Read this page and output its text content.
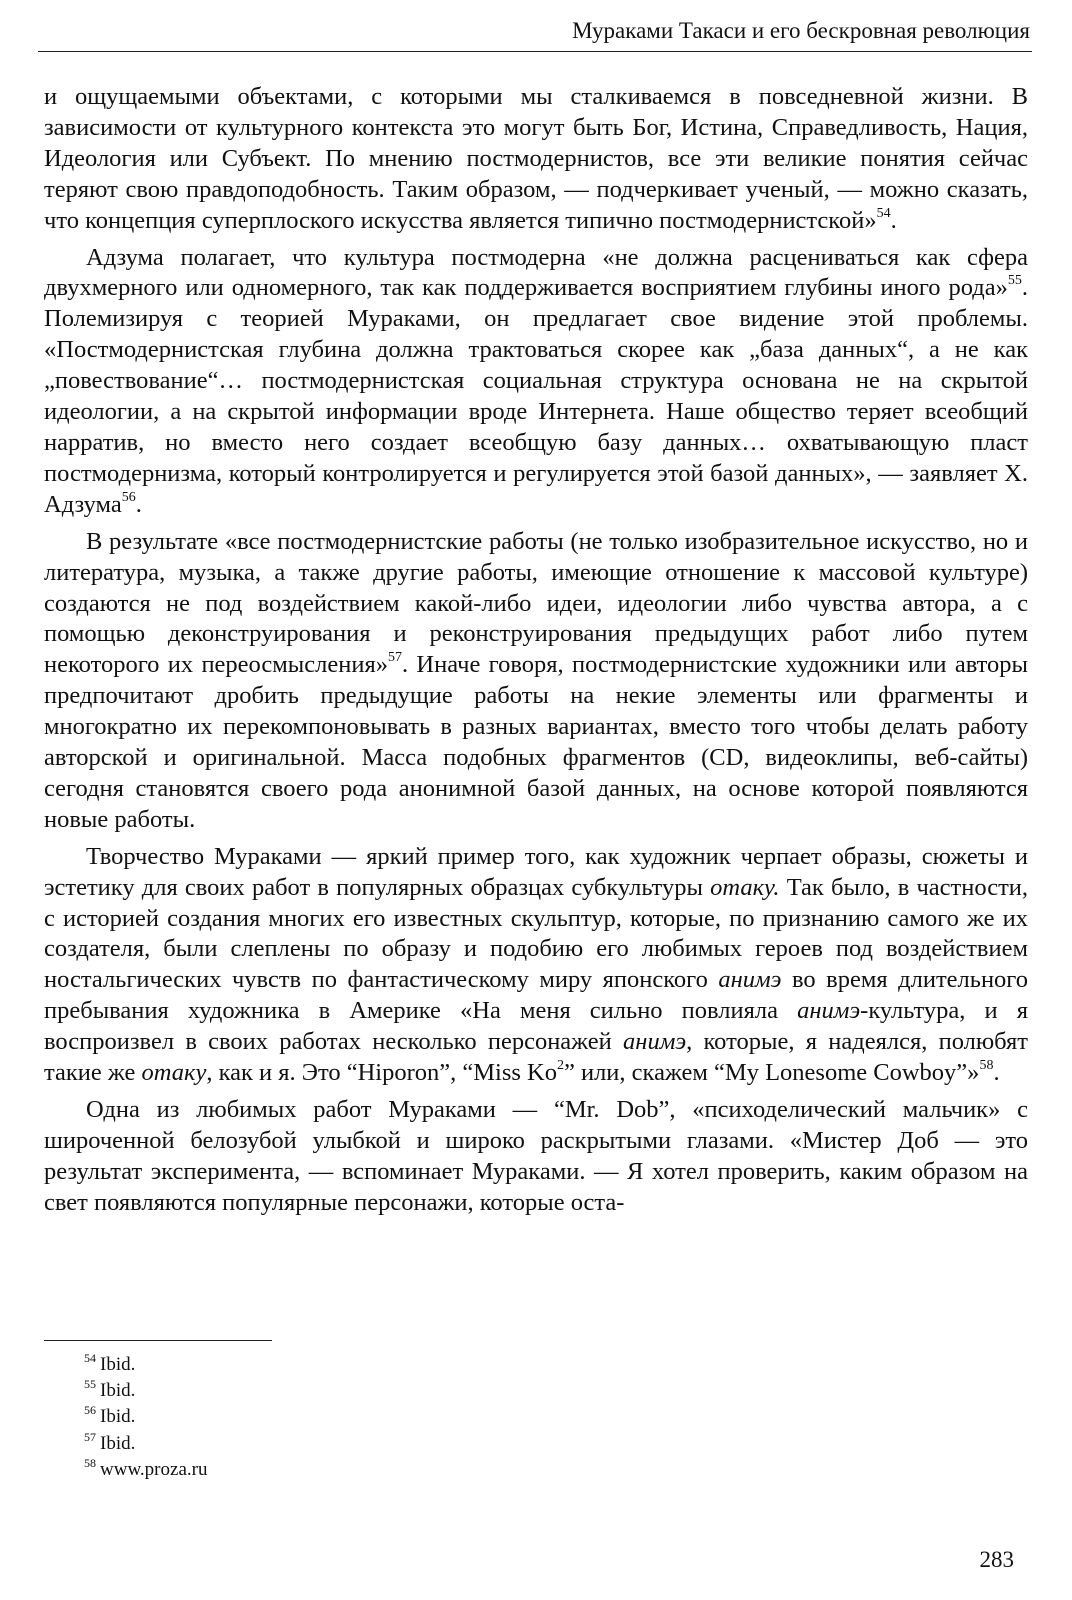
Мураками Такаси и его бескровная революция

и ощущаемыми объектами, с которыми мы сталкиваемся в повседневной жизни. В зависимости от культурного контекста это могут быть Бог, Истина, Справедливость, Нация, Идеология или Субъект. По мнению постмодернистов, все эти великие понятия сейчас теряют свою правдоподобность. Таким образом, — подчеркивает ученый, — можно сказать, что концепция суперплоского искусства является типично постмодернистской»$^{54}$.

Адзума полагает, что культура постмодерна «не должна расцениваться как сфера двухмерного или одномерного, так как поддерживается восприятием глубины иного рода»$^{55}$. Полемизируя с теорией Мураками, он предлагает свое видение этой проблемы. «Постмодернистская глубина должна трактоваться скорее как „база данных“, а не как „повествование“… постмодернистская социальная структура основана не на скрытой идеологии, а на скрытой информации вроде Интернета. Наше общество теряет всеобщий нарратив, но вместо него создает всеобщую базу данных… охватывающую пласт постмодернизма, который контролируется и регулируется этой базой данных», — заявляет Х. Адзума$^{56}$.

В результате «все постмодернистские работы (не только изобразительное искусство, но и литература, музыка, а также другие работы, имеющие отношение к массовой культуре) создаются не под воздействием какой-либо идеи, идеологии либо чувства автора, а с помощью деконструирования и реконструирования предыдущих работ либо путем некоторого их переосмысления»$^{57}$. Иначе говоря, постмодернистские художники или авторы предпочитают дробить предыдущие работы на некие элементы или фрагменты и многократно их перекомпоновывать в разных вариантах, вместо того чтобы делать работу авторской и оригинальной. Масса подобных фрагментов (CD, видеоклипы, веб-сайты) сегодня становятся своего рода анонимной базой данных, на основе которой появляются новые работы.

Творчество Мураками — яркий пример того, как художник черпает образы, сюжеты и эстетику для своих работ в популярных образцах субкультуры отаку. Так было, в частности, с историей создания многих его известных скульптур, которые, по признанию самого же их создателя, были слеплены по образу и подобию его любимых героев под воздействием ностальгических чувств по фантастическому миру японского анимэ во время длительного пребывания художника в Америке «На меня сильно повлияла анимэ-культура, и я воспроизвел в своих работах несколько персонажей анимэ, которые, я надеялся, полюбят такие же отаку, как и я. Это “Hiporon”, “Miss Ko$^2$” или, скажем “My Lonesome Cowboy”»$^{58}$.

Одна из любимых работ Мураками — “Mr. Dob”, «психоделический мальчик» с широченной белозубой улыбкой и широко раскрытыми глазами. «Мистер Доб — это результат эксперимента, — вспоминает Мураками. — Я хотел проверить, каким образом на свет появляются популярные персонажи, которые оста-

$^{54}$ Ibid.
$^{55}$ Ibid.
$^{56}$ Ibid.
$^{57}$ Ibid.
$^{58}$ www.proza.ru
283
